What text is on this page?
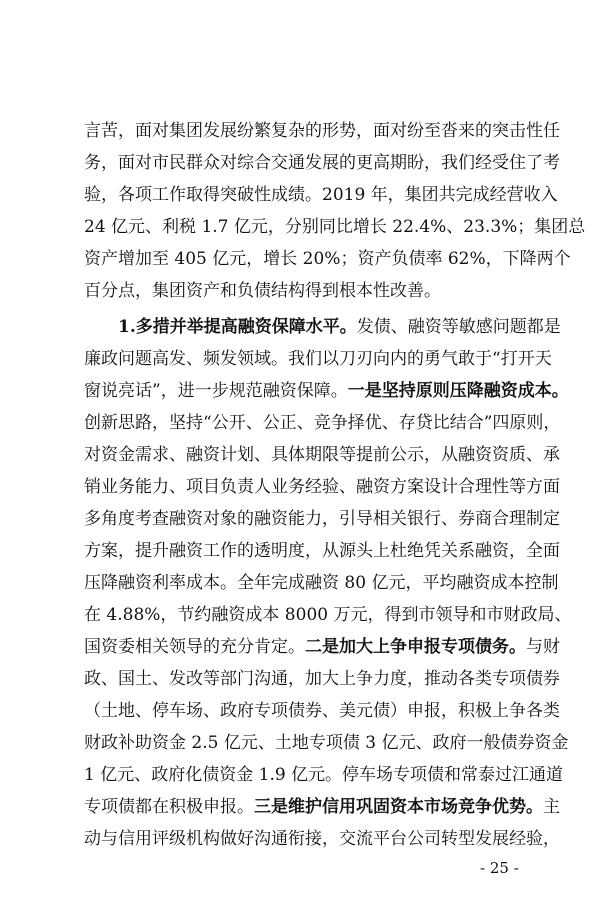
言苦，面对集团发展纷繁复杂的形势，面对纷至沓来的突击性任
务，面对市民群众对综合交通发展的更高期盼，我们经受住了考
验，各项工作取得突破性成绩。2019 年，集团共完成经营收入
24 亿元、利税 1.7 亿元，分别同比增长 22.4%、23.3%；集团总
资产增加至 405 亿元，增长 20%；资产负债率 62%，下降两个
百分点，集团资产和负债结构得到根本性改善。
1.多措并举提高融资保障水平。发债、融资等敏感问题都是
廉政问题高发、频发领域。我们以刀刃向内的勇气敢于“打开天
窗说亮话”，进一步规范融资保障。一是坚持原则压降融资成本。
创新思路，坚持“公开、公正、竞争择优、存贷比结合”四原则，
对资金需求、融资计划、具体期限等提前公示，从融资资质、承
销业务能力、项目负责人业务经验、融资方案设计合理性等方面
多角度考查融资对象的融资能力，引导相关银行、券商合理制定
方案，提升融资工作的透明度，从源头上杜绝凭关系融资，全面
压降融资利率成本。全年完成融资 80 亿元，平均融资成本控制
在 4.88%，节约融资成本 8000 万元，得到市领导和市财政局、
国资委相关领导的充分肯定。二是加大上争申报专项债务。与财
政、国土、发改等部门沟通，加大上争力度，推动各类专项债券
（土地、停车场、政府专项债券、美元债）申报，积极上争各类
财政补助资金 2.5 亿元、土地专项债 3 亿元、政府一般债券资金
1 亿元、政府化债资金 1.9 亿元。停车场专项债和常泰过江通道
专项债都在积极申报。三是维护信用巩固资本市场竞争优势。主
动与信用评级机构做好沟通衔接，交流平台公司转型发展经验，
- 25 -
